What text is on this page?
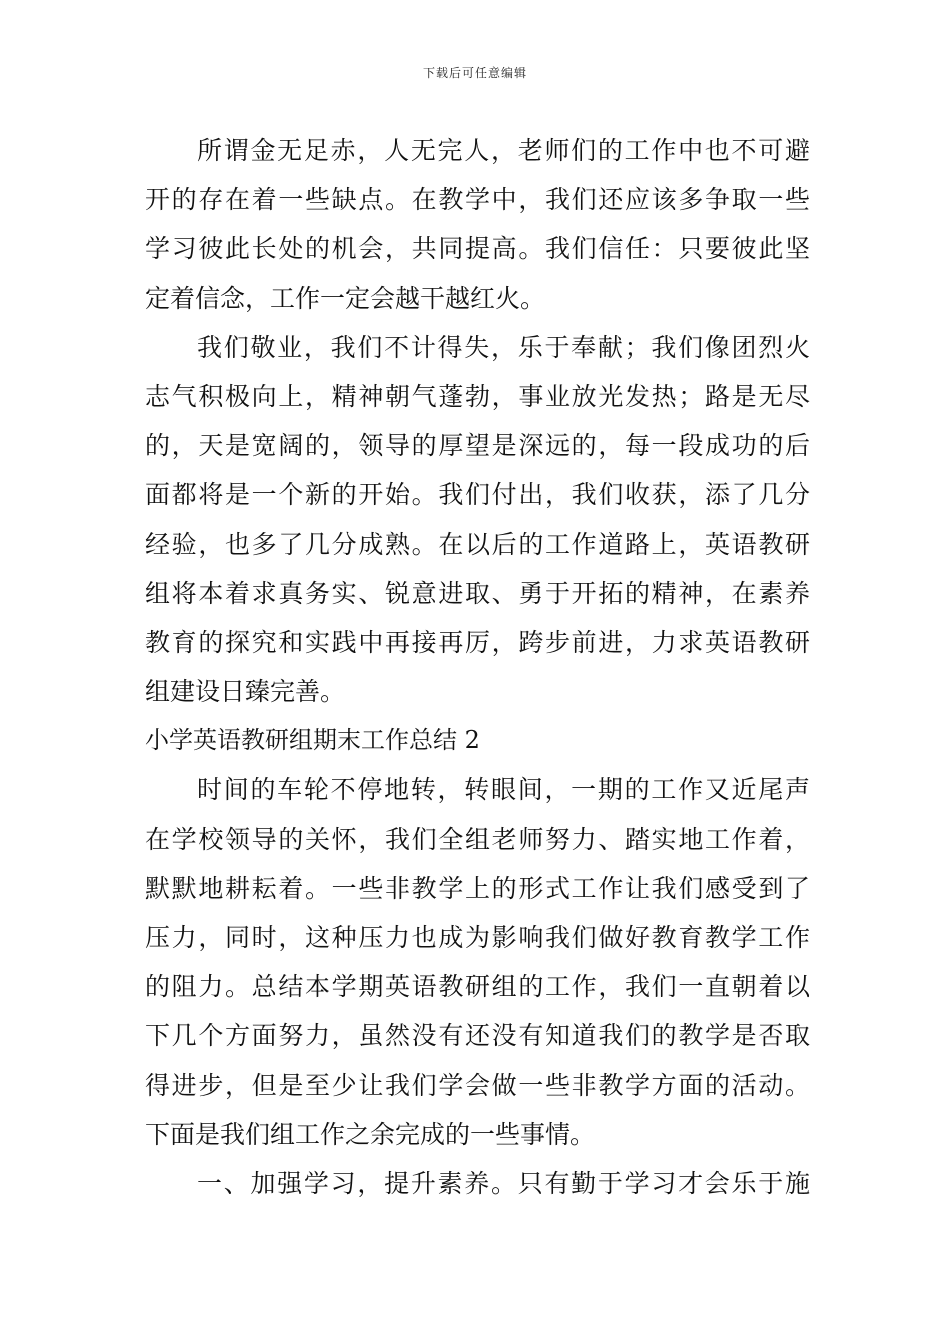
下载后可任意编辑
所谓金无足赤，人无完人，老师们的工作中也不可避
开的存在着一些缺点。在教学中，我们还应该多争取一些
学习彼此长处的机会，共同提高。我们信任：只要彼此坚
定着信念，工作一定会越干越红火。
我们敬业，我们不计得失，乐于奉献；我们像团烈火
志气积极向上，精神朝气蓬勃，事业放光发热；路是无尽
的，天是宽阔的，领导的厚望是深远的，每一段成功的后
面都将是一个新的开始。我们付出，我们收获，添了几分
经验，也多了几分成熟。在以后的工作道路上，英语教研
组将本着求真务实、锐意进取、勇于开拓的精神，在素养
教育的探究和实践中再接再厉，跨步前进，力求英语教研
组建设日臻完善。
小学英语教研组期末工作总结 2
时间的车轮不停地转，转眼间，一期的工作又近尾声
在学校领导的关怀，我们全组老师努力、踏实地工作着，
默默地耕耘着。一些非教学上的形式工作让我们感受到了
压力，同时，这种压力也成为影响我们做好教育教学工作
的阻力。总结本学期英语教研组的工作，我们一直朝着以
下几个方面努力，虽然没有还没有知道我们的教学是否取
得进步，但是至少让我们学会做一些非教学方面的活动。
下面是我们组工作之余完成的一些事情。
一、加强学习，提升素养。只有勤于学习才会乐于施
